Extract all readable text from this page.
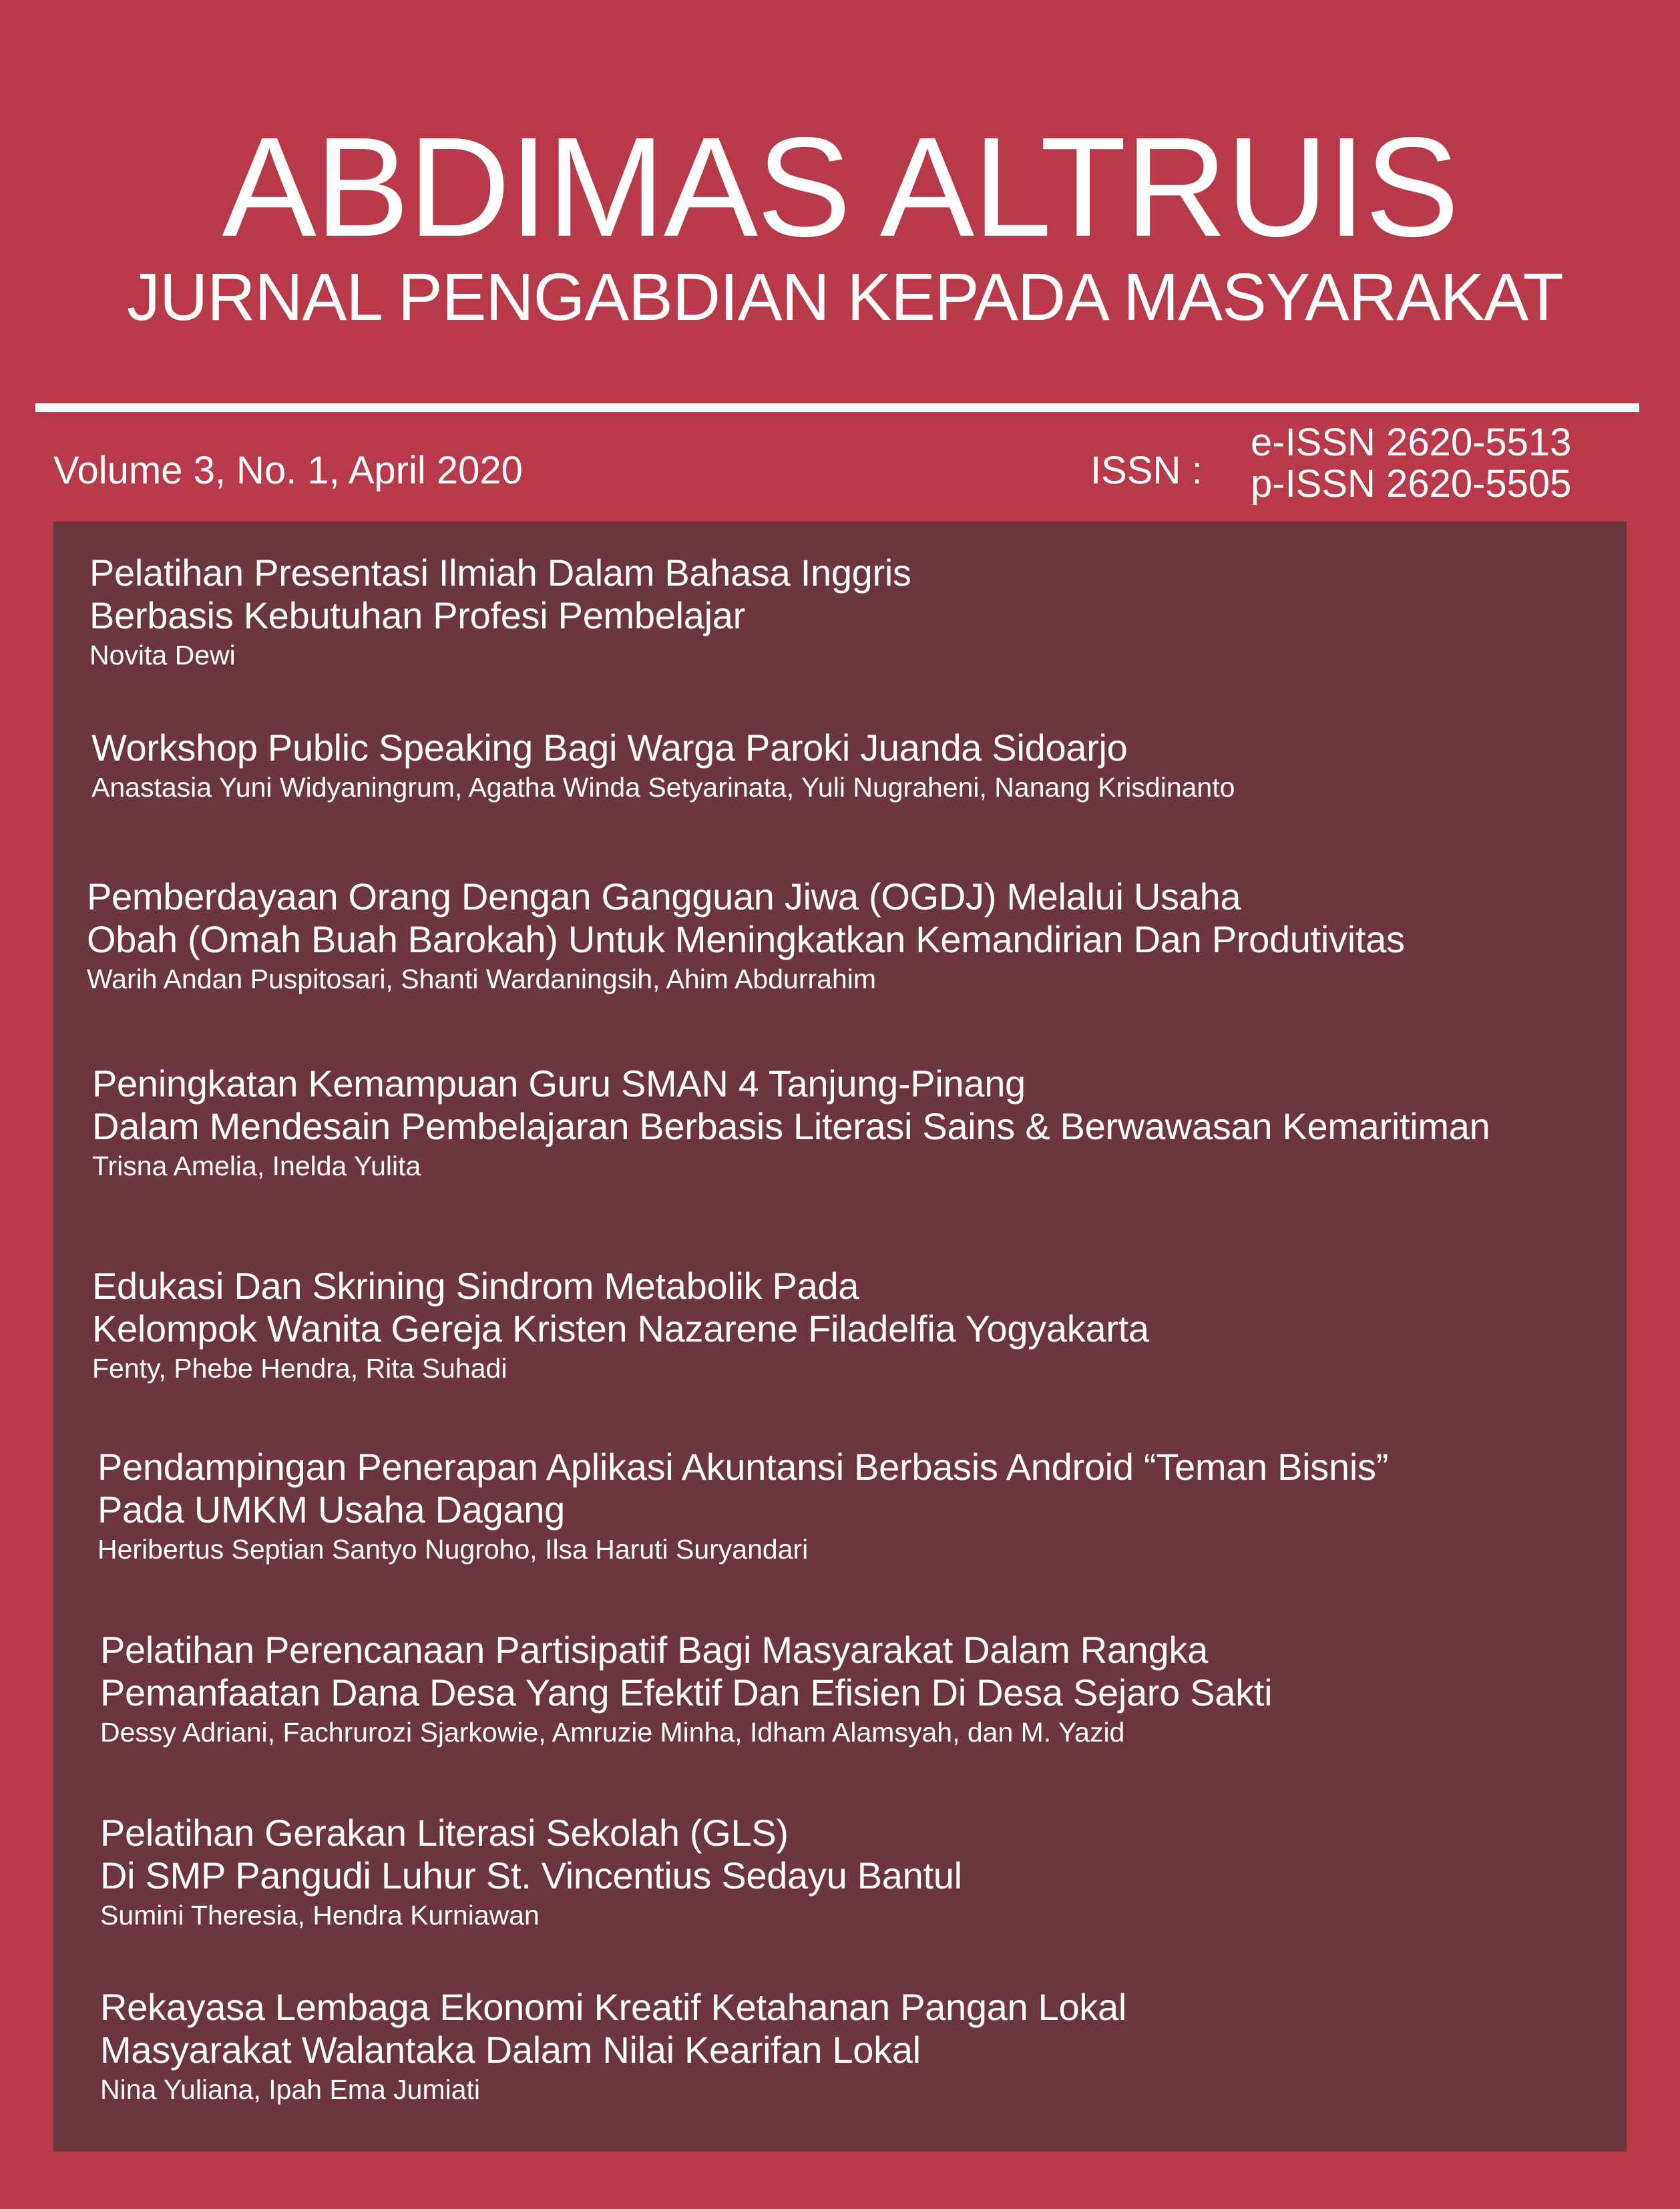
ABDIMAS ALTRUIS
JURNAL PENGABDIAN KEPADA MASYARAKAT
Volume 3, No. 1, April 2020	ISSN :
e-ISSN 2620-5513
p-ISSN 2620-5505
Pelatihan Presentasi Ilmiah Dalam Bahasa Inggris
Berbasis Kebutuhan Profesi Pembelajar
Novita Dewi
Workshop Public Speaking Bagi Warga Paroki Juanda Sidoarjo
Anastasia Yuni Widyaningrum, Agatha Winda Setyarinata, Yuli Nugraheni, Nanang Krisdinanto
Pemberdayaan Orang Dengan Gangguan Jiwa (OGDJ) Melalui Usaha
Obah (Omah Buah Barokah) Untuk Meningkatkan Kemandirian Dan Produtivitas
Warih Andan Puspitosari, Shanti Wardaningsih, Ahim Abdurrahim
Peningkatan Kemampuan Guru SMAN 4 Tanjung-Pinang
Dalam Mendesain Pembelajaran Berbasis Literasi Sains & Berwawasan Kemaritiman
Trisna Amelia, Inelda Yulita
Edukasi Dan Skrining Sindrom Metabolik Pada
Kelompok Wanita Gereja Kristen Nazarene Filadelfia Yogyakarta
Fenty, Phebe Hendra, Rita Suhadi
Pendampingan Penerapan Aplikasi Akuntansi Berbasis Android “Teman Bisnis”
Pada UMKM Usaha Dagang
Heribertus Septian Santyo Nugroho, Ilsa Haruti Suryandari
Pelatihan Perencanaan Partisipatif Bagi Masyarakat Dalam Rangka
Pemanfaatan Dana Desa Yang Efektif Dan Efisien Di Desa Sejaro Sakti
Dessy Adriani, Fachrurozi Sjarkowie, Amruzie Minha, Idham Alamsyah, dan M. Yazid
Pelatihan Gerakan Literasi Sekolah (GLS)
Di SMP Pangudi Luhur St. Vincentius Sedayu Bantul
Sumini Theresia, Hendra Kurniawan
Rekayasa Lembaga Ekonomi Kreatif Ketahanan Pangan Lokal
Masyarakat Walantaka Dalam Nilai Kearifan Lokal
Nina Yuliana, Ipah Ema Jumiati
